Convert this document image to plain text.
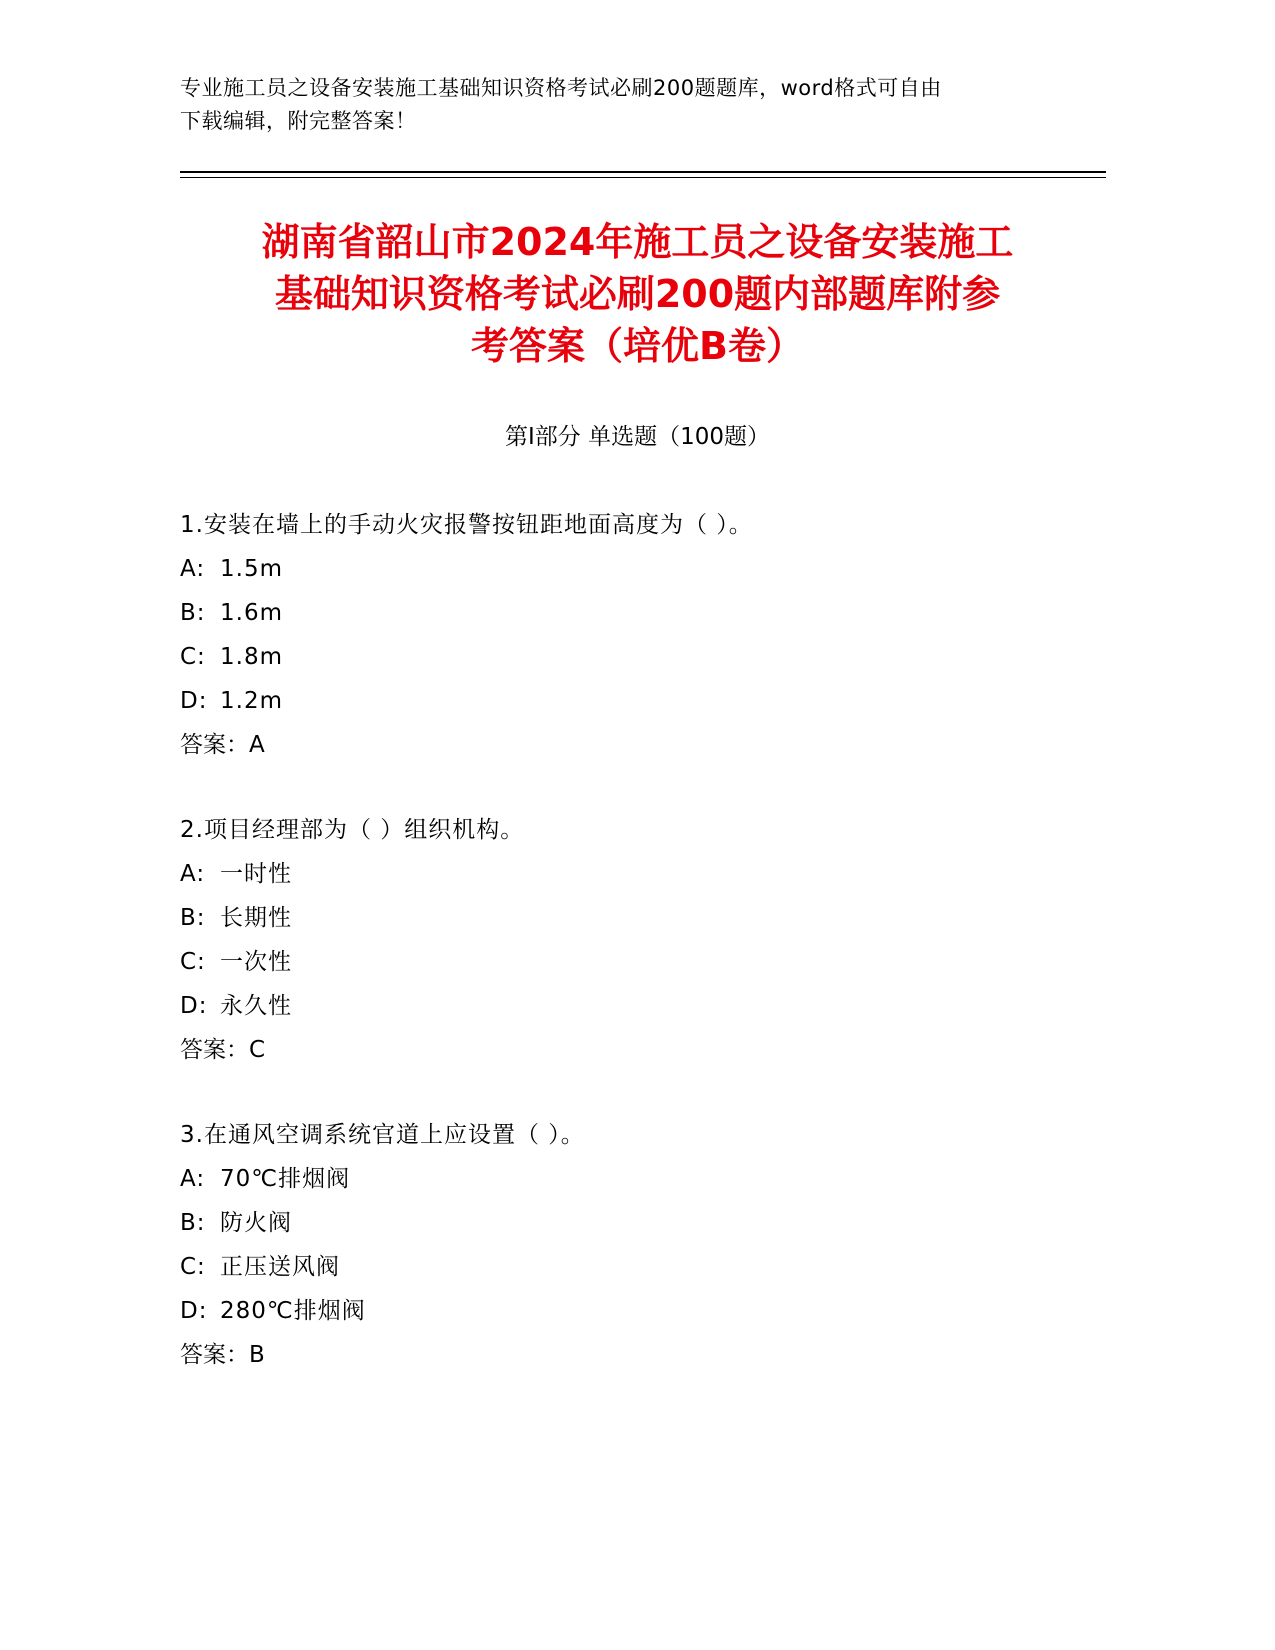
专业施工员之设备安装施工基础知识资格考试必刷200题题库，word格式可自由
下载编辑，附完整答案！
湖南省韶山市2024年施工员之设备安装施工
基础知识资格考试必刷200题内部题库附参
考答案（培优B卷）
第Ⅰ部分 单选题（100题）
1.安装在墙上的手动火灾报警按钮距地面高度为（ ）。
A: 1.5m
B: 1.6m
C: 1.8m
D: 1.2m
答案：A
2.项目经理部为（ ）组织机构。
A: 一时性
B: 长期性
C: 一次性
D: 永久性
答案：C
3.在通风空调系统官道上应设置（ ）。
A: 70℃排烟阀
B: 防火阀
C: 正压送风阀
D: 280℃排烟阀
答案：B
